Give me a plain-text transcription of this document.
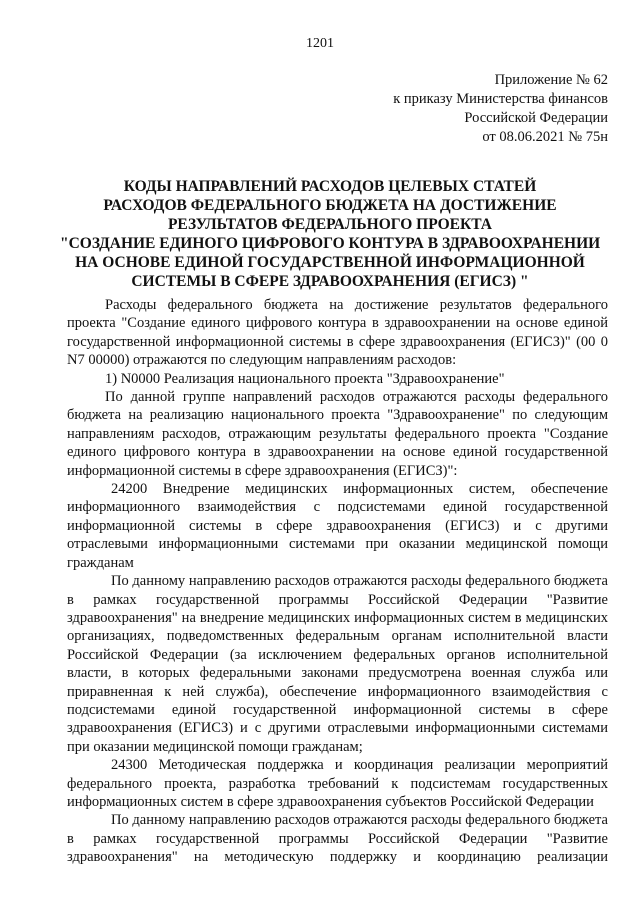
1201
Приложение № 62
к приказу Министерства финансов
Российской Федерации
от 08.06.2021 № 75н
КОДЫ НАПРАВЛЕНИЙ РАСХОДОВ ЦЕЛЕВЫХ СТАТЕЙ
РАСХОДОВ ФЕДЕРАЛЬНОГО БЮДЖЕТА НА ДОСТИЖЕНИЕ
РЕЗУЛЬТАТОВ ФЕДЕРАЛЬНОГО ПРОЕКТА
"СОЗДАНИЕ ЕДИНОГО ЦИФРОВОГО КОНТУРА В ЗДРАВООХРАНЕНИИ
НА ОСНОВЕ ЕДИНОЙ ГОСУДАРСТВЕННОЙ ИНФОРМАЦИОННОЙ
СИСТЕМЫ В СФЕРЕ ЗДРАВООХРАНЕНИЯ (ЕГИСЗ) "

Расходы федерального бюджета на достижение результатов федерального проекта "Создание единого цифрового контура в здравоохранении на основе единой государственной информационной системы в сфере здравоохранения (ЕГИСЗ)" (00 0 N7 00000) отражаются по следующим направлениям расходов:

1) N0000 Реализация национального проекта "Здравоохранение"

По данной группе направлений расходов отражаются расходы федерального бюджета на реализацию национального проекта "Здравоохранение" по следующим направлениям расходов, отражающим результаты федерального проекта "Создание единого цифрового контура в здравоохранении на основе единой государственной информационной системы в сфере здравоохранения (ЕГИСЗ)":

24200 Внедрение медицинских информационных систем, обеспечение информационного взаимодействия с подсистемами единой государственной информационной системы в сфере здравоохранения (ЕГИСЗ) и с другими отраслевыми информационными системами при оказании медицинской помощи гражданам

По данному направлению расходов отражаются расходы федерального бюджета в рамках государственной программы Российской Федерации "Развитие здравоохранения" на внедрение медицинских информационных систем в медицинских организациях, подведомственных федеральным органам исполнительной власти Российской Федерации (за исключением федеральных органов исполнительной власти, в которых федеральными законами предусмотрена военная служба или приравненная к ней служба), обеспечение информационного взаимодействия с подсистемами единой государственной информационной системы в сфере здравоохранения (ЕГИСЗ) и с другими отраслевыми информационными системами при оказании медицинской помощи гражданам;

24300 Методическая поддержка и координация реализации мероприятий федерального проекта, разработка требований к подсистемам государственных информационных систем в сфере здравоохранения субъектов Российской Федерации

По данному направлению расходов отражаются расходы федерального бюджета в рамках государственной программы Российской Федерации "Развитие здравоохранения" на методическую поддержку и координацию реализации
